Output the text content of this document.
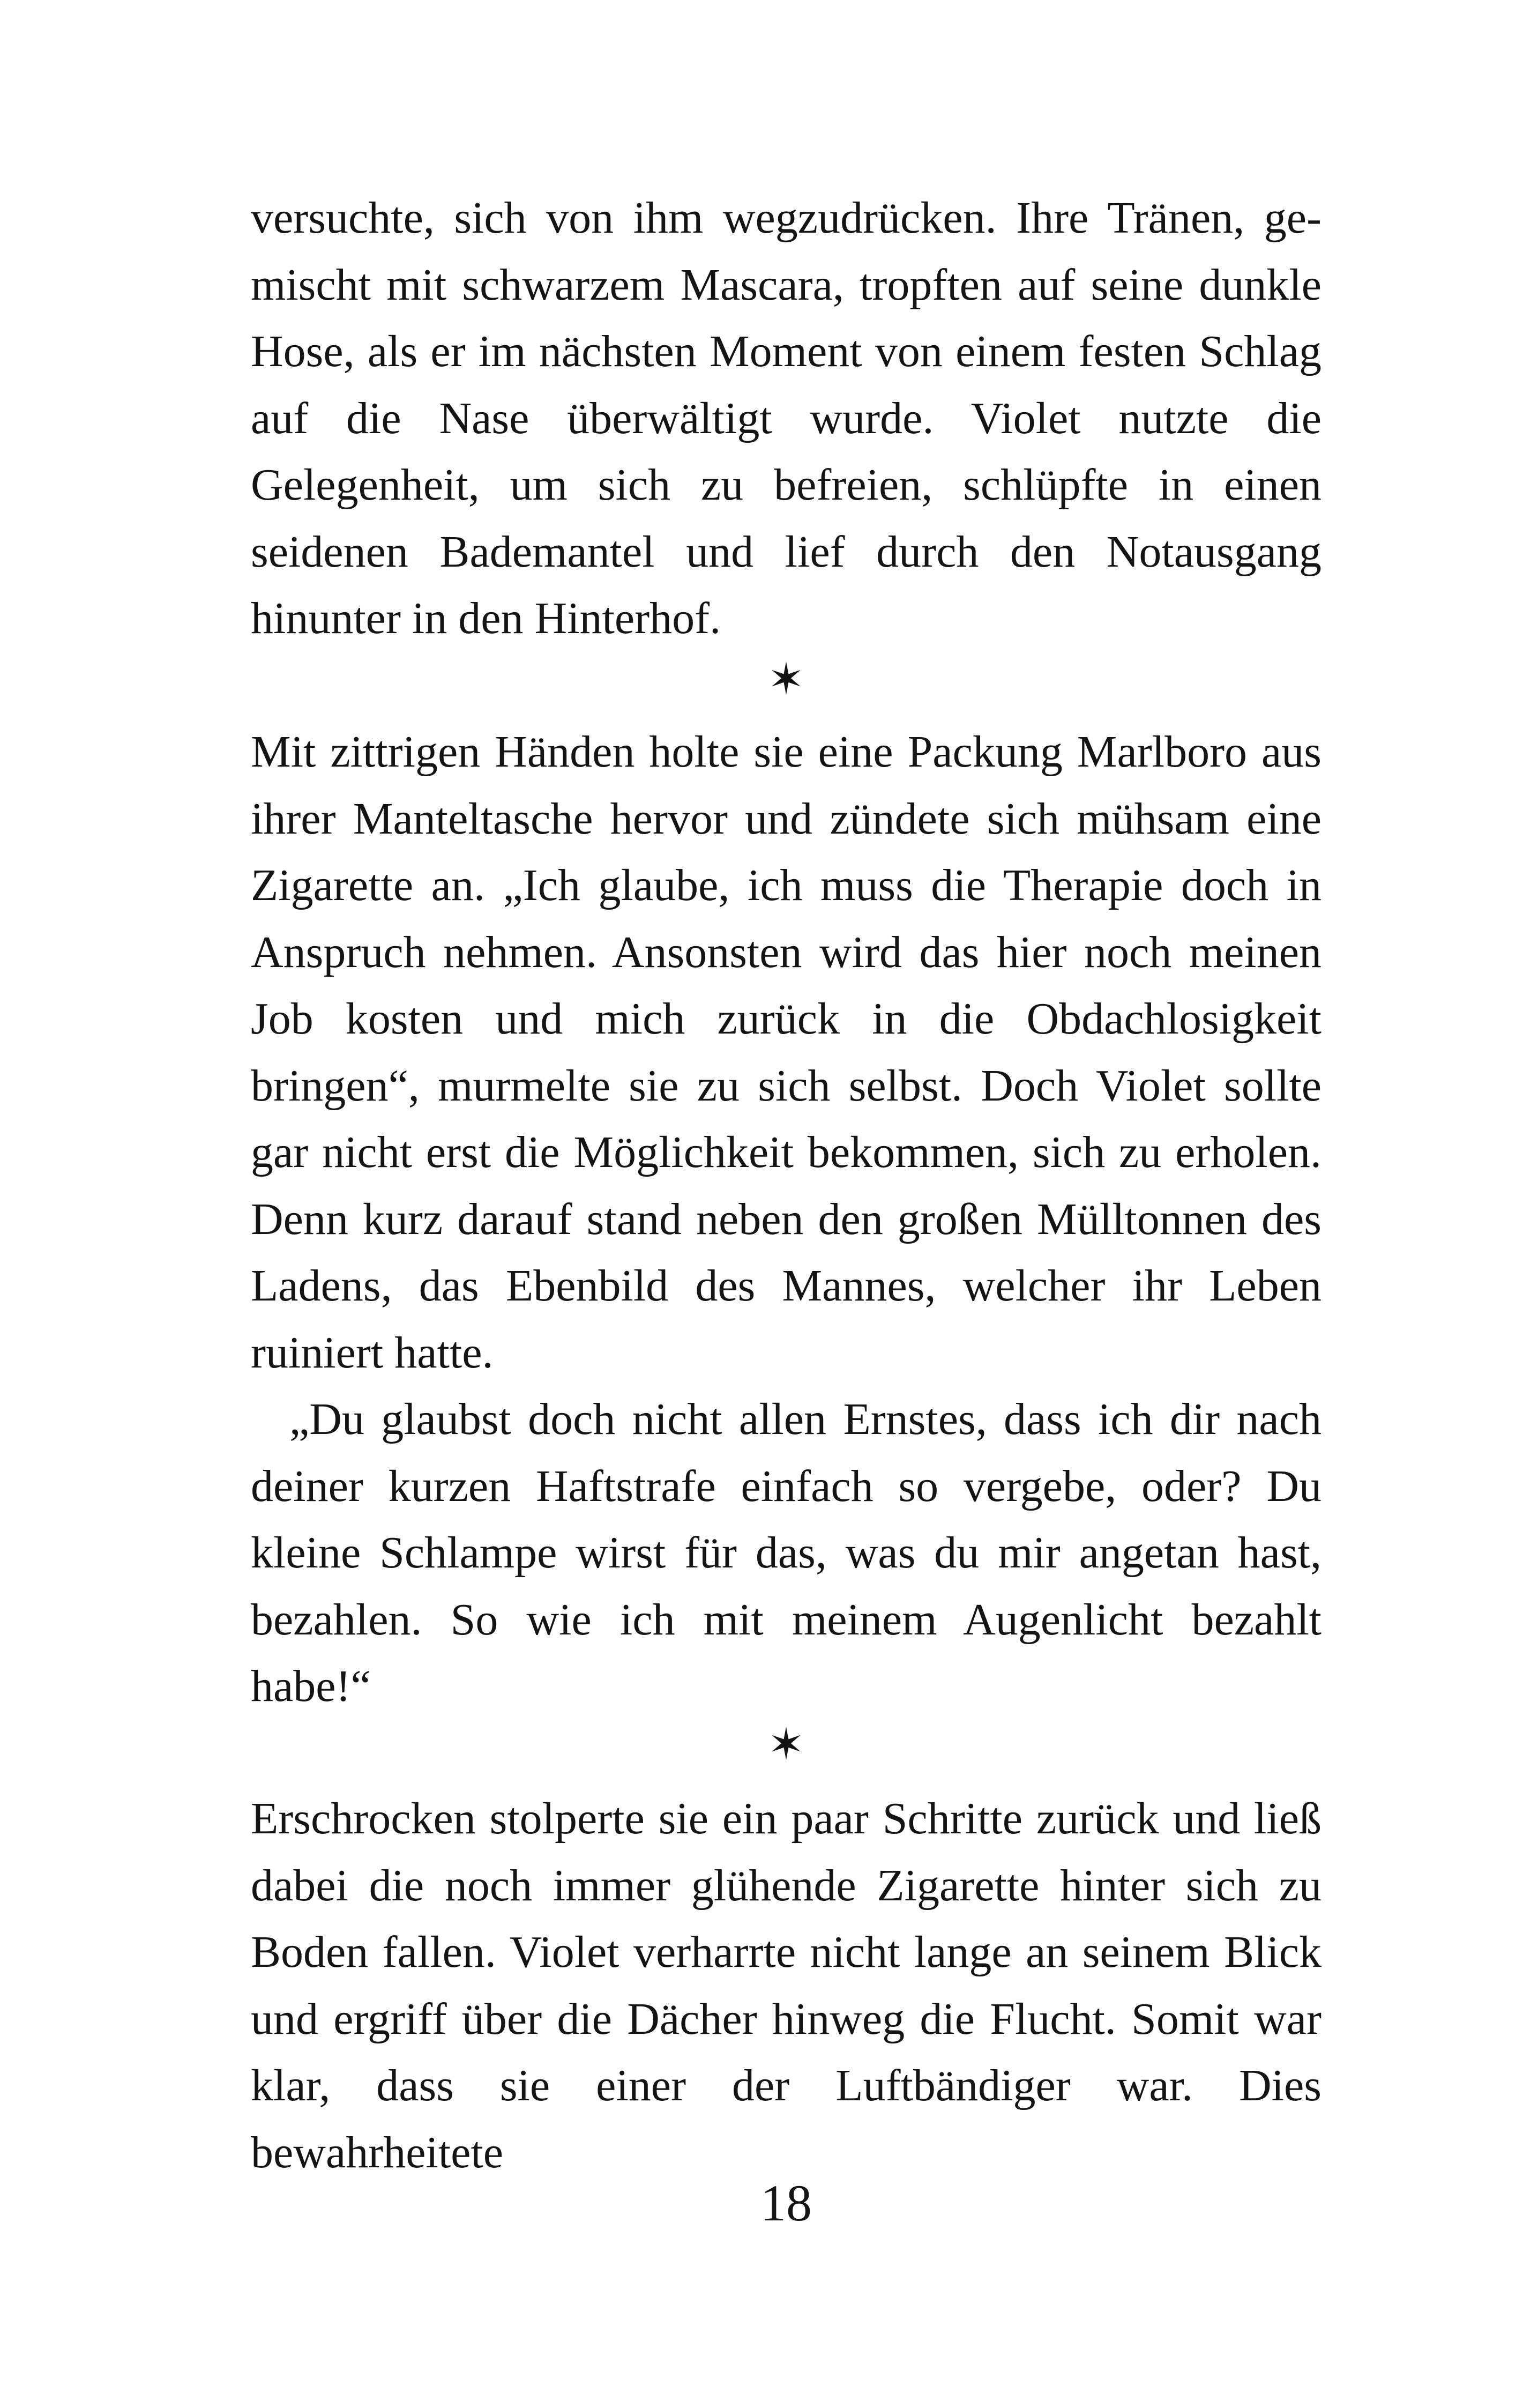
versuchte, sich von ihm wegzudrücken. Ihre Tränen, gemischt mit schwarzem Mascara, tropften auf seine dunkle Hose, als er im nächsten Moment von einem festen Schlag auf die Nase überwältigt wurde. Violet nutzte die Gelegenheit, um sich zu befreien, schlüpfte in einen seidenen Bademantel und lief durch den Notausgang hinunter in den Hinterhof.

✶

Mit zittrigen Händen holte sie eine Packung Marlboro aus ihrer Manteltasche hervor und zündete sich mühsam eine Zigarette an. „Ich glaube, ich muss die Therapie doch in Anspruch nehmen. Ansonsten wird das hier noch meinen Job kosten und mich zurück in die Obdachlosigkeit bringen“, murmelte sie zu sich selbst. Doch Violet sollte gar nicht erst die Möglichkeit bekommen, sich zu erholen. Denn kurz darauf stand neben den großen Mülltonnen des Ladens, das Ebenbild des Mannes, welcher ihr Leben ruiniert hatte.

„Du glaubst doch nicht allen Ernstes, dass ich dir nach deiner kurzen Haftstrafe einfach so vergebe, oder? Du kleine Schlampe wirst für das, was du mir angetan hast, bezahlen. So wie ich mit meinem Augenlicht bezahlt habe!“

✶

Erschrocken stolperte sie ein paar Schritte zurück und ließ dabei die noch immer glühende Zigarette hinter sich zu Boden fallen. Violet verharrte nicht lange an seinem Blick und ergriff über die Dächer hinweg die Flucht. Somit war klar, dass sie einer der Luftbändiger war. Dies bewahrheitete

18
